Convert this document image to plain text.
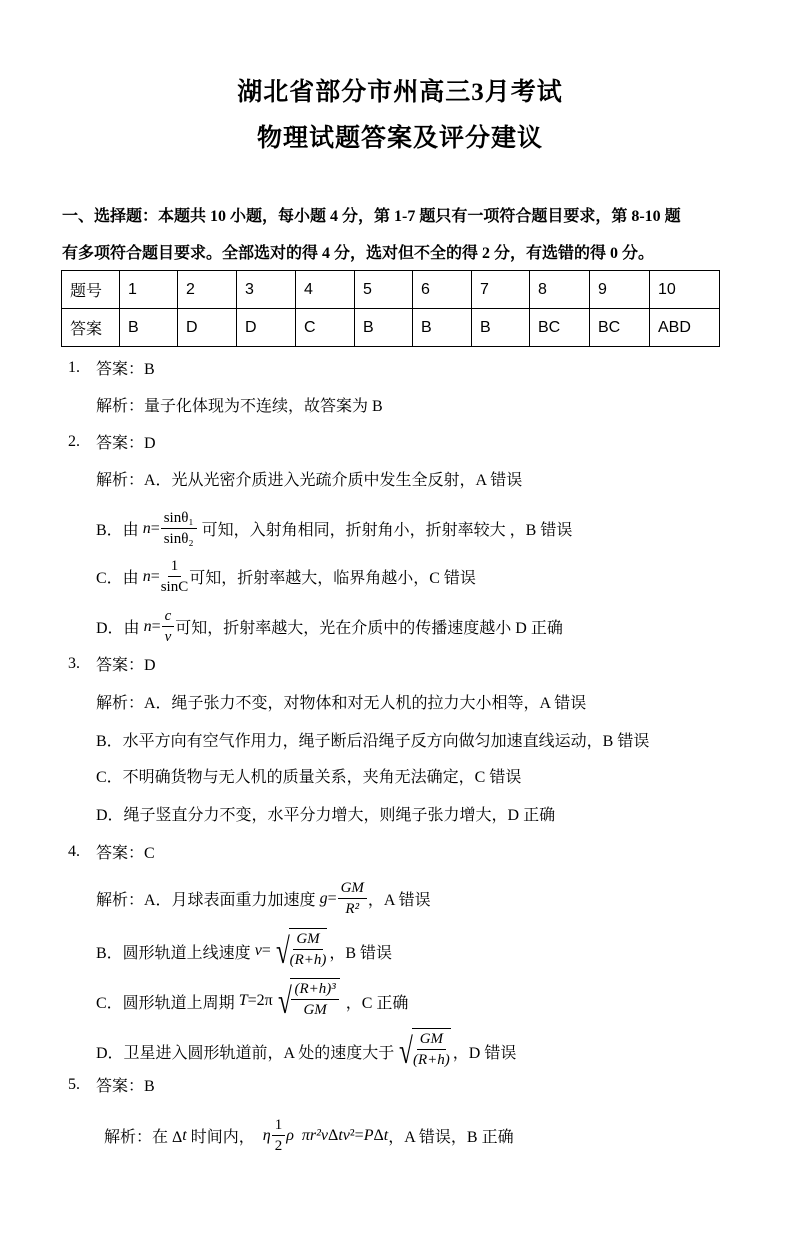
湖北省部分市州高三3月考试
物理试题答案及评分建议
一、选择题：本题共 10 小题，每小题 4 分，第 1-7 题只有一项符合题目要求，第 8-10 题
有多项符合题目要求。全部选对的得 4 分，选对但不全的得 2 分，有选错的得 0 分。
题号	1	2	3	4	5	6	7	8	9	10
答案	B	D	D	C	B	B	B	BC	BC	ABD
1.	答案：B
解析：量子化体现为不连续，故答案为 B
2.	答案：D
解析：A．光从光密介质进入光疏介质中发生全反射，A 错误
B．由 $n = \frac{\text{sinθ₁}}{\text{sinθ₂}}$ 可知，入射角相同，折射角小，折射率较大 ，B 错误
C．由 $n = \frac{1}{\sin C}$ 可知，折射率越大，临界角越小，C 错误
D．由 $n = \frac{c}{v}$ 可知，折射率越大，光在介质中的传播速度越小 D 正确
3.	答案：D
解析：A．绳子张力不变，对物体和对无人机的拉力大小相等，A 错误
B．水平方向有空气作用力，绳子断后沿绳子反方向做匀加速直线运动，B 错误
C．不明确货物与无人机的质量关系，夹角无法确定，C 错误
D．绳子竖直分力不变，水平分力增大，则绳子张力增大，D 正确
4.	答案：C
解析：A．月球表面重力加速度 $g = \frac{GM}{\text{R²}}$ ，A 错误
B．圆形轨道上线速度 v = √ $\frac{GM}{(R+h)}$ ，B 错误
C．圆形轨道上周期 T =2π √ $\frac{\text{(R+h)³}}{GM}$ ，C 正确
D．卫星进入圆形轨道前，A 处的速度大于 √ $\frac{GM}{(R+h)}$ ，D 错误
5.	答案：B
解析：在 Δ t 时间内， η $\frac{1}{2}$ ρ  πr²v Δ tv ²= P Δ t ，A 错误，B 正确
